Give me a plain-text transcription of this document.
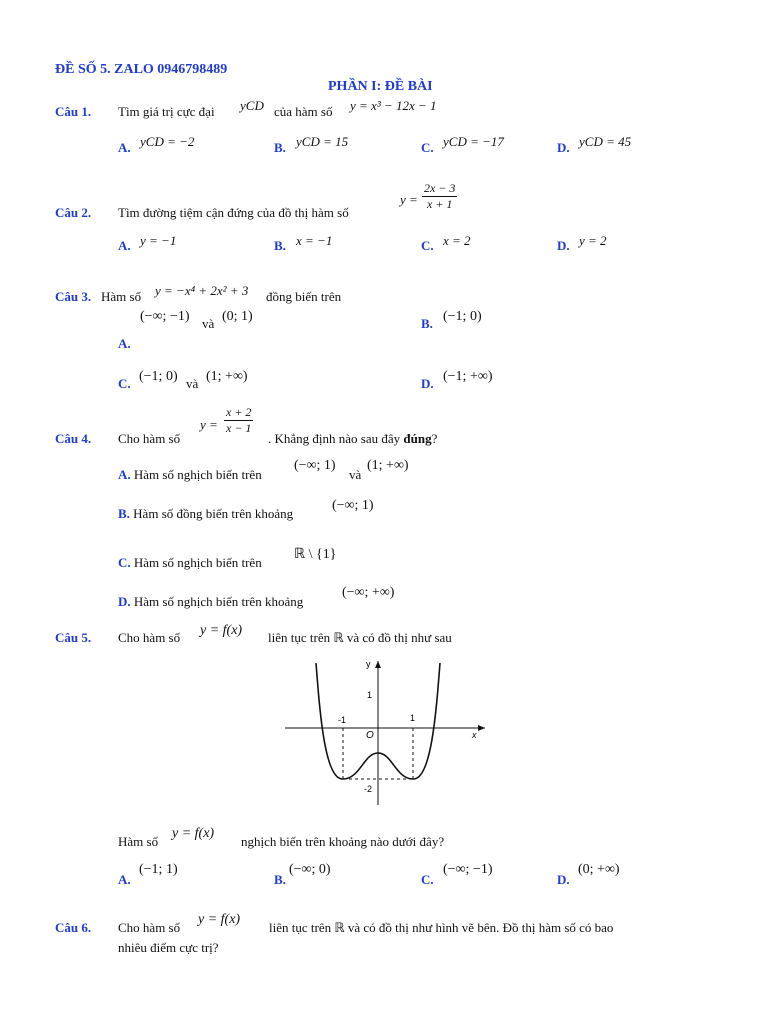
ĐỀ SỐ 5. ZALO 0946798489
PHẦN I: ĐỀ BÀI
Câu 1. Tìm giá trị cực đại yCD của hàm số y = x³ − 12x − 1
A. yCD = −2	B. yCD = 15	C. yCD = −17	D. yCD = 45
Câu 2. Tìm đường tiệm cận đứng của đồ thị hàm số
$y = \frac{2x - 3}{x + 1}$
A. y = −1	B. x = −1	C. x = 2	D. y = 2
Câu 3. Hàm số y = −x⁴ + 2x² + 3 đồng biến trên
(−∞; −1) và (0; 1)
A.
B. (−1; 0)
C. (−1; 0) và (1; +∞)	D. (−1; +∞)
Câu 4. Cho hàm số
$y = \frac{x + 2}{x - 1}$
. Khẳng định nào sau đây đúng?
A. Hàm số nghịch biến trên
(−∞; 1)
và
(1; +∞)
B. Hàm số đồng biến trên khoảng
(−∞; 1)
C. Hàm số nghịch biến trên
ℝ \ {1}
D. Hàm số nghịch biến trên khoảng
(−∞; +∞)
Câu 5. Cho hàm số y = f(x) liên tục trên ℝ và có đồ thị như sau
y
x
O
1
-1	1
-2
Hàm số
y = f(x)
nghịch biến trên khoảng nào dưới đây?
A.
(−1; 1)
B.
(−∞; 0)
C.
(−∞; −1)
D.
(0; +∞)
Câu 6. Cho hàm số
y = f(x)
liên tục trên ℝ và có đồ thị như hình vẽ bên. Đồ thị hàm số có bao
nhiêu điểm cực trị?
